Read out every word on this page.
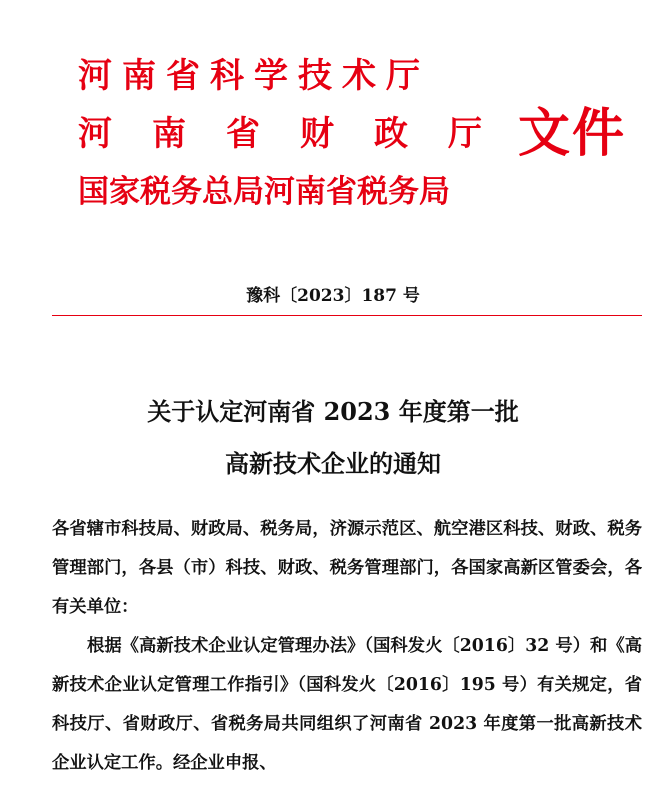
河南省科学技术厅
河南省财政厅
国家税务总局河南省税务局
文件
豫科〔2023〕187 号
关于认定河南省 2023 年度第一批
高新技术企业的通知
各省辖市科技局、财政局、税务局，济源示范区、航空港区科技、财政、税务管理部门，各县（市）科技、财政、税务管理部门，各国家高新区管委会，各有关单位：
根据《高新技术企业认定管理办法》（国科发火〔2016〕32 号）和《高新技术企业认定管理工作指引》（国科发火〔2016〕195 号）有关规定，省科技厅、省财政厅、省税务局共同组织了河南省 2023 年度第一批高新技术企业认定工作。经企业申报、
